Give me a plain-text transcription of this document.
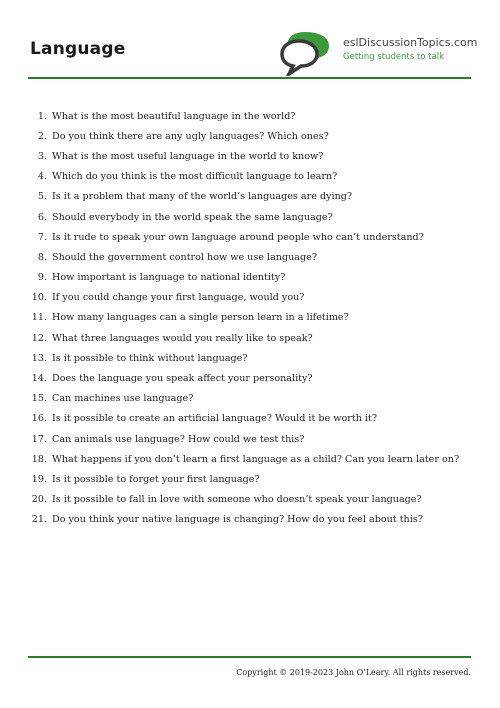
Language	eslDiscussionTopics.com
Getting students to talk
1. What is the most beautiful language in the world?
2. Do you think there are any ugly languages? Which ones?
3. What is the most useful language in the world to know?
4. Which do you think is the most difficult language to learn?
5. Is it a problem that many of the world’s languages are dying?
6. Should everybody in the world speak the same language?
7. Is it rude to speak your own language around people who can’t understand?
8. Should the government control how we use language?
9. How important is language to national identity?
10. If you could change your first language, would you?
11. How many languages can a single person learn in a lifetime?
12. What three languages would you really like to speak?
13. Is it possible to think without language?
14. Does the language you speak affect your personality?
15. Can machines use language?
16. Is it possible to create an artificial language? Would it be worth it?
17. Can animals use language? How could we test this?
18. What happens if you don’t learn a first language as a child? Can you learn later on?
19. Is it possible to forget your first language?
20. Is it possible to fall in love with someone who doesn’t speak your language?
21. Do you think your native language is changing? How do you feel about this?
Copyright © 2019-2023 John O’Leary. All rights reserved.
